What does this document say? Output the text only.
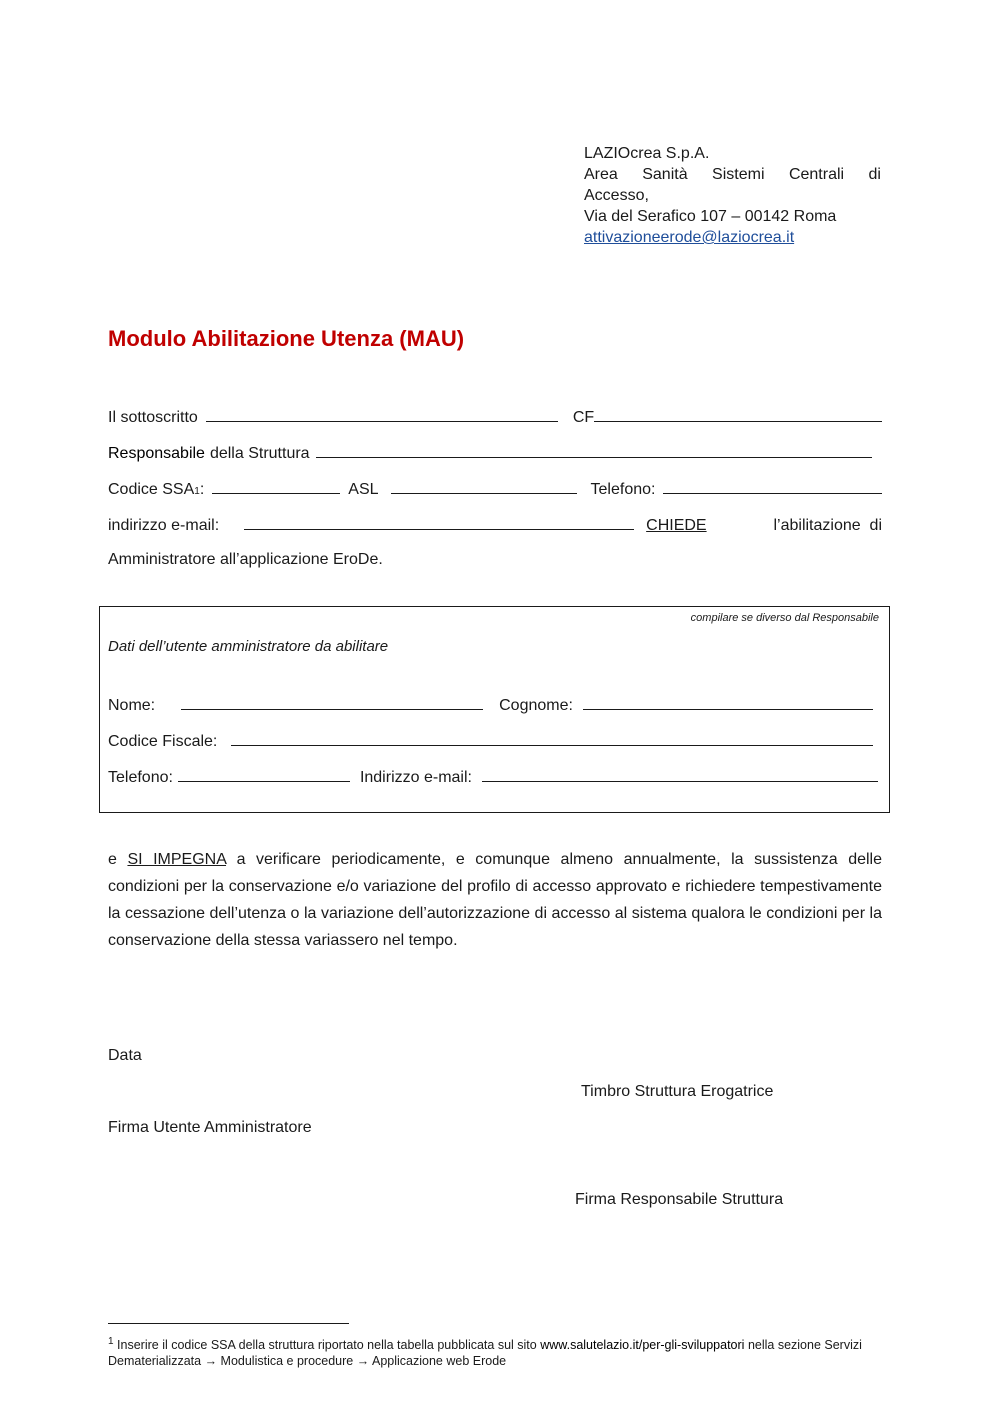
LAZIOcrea S.p.A.
Area Sanità Sistemi Centrali di
Accesso,
Via del Serafico 107 – 00142 Roma
attivazioneerode@laziocrea.it
Modulo Abilitazione Utenza (MAU)
Il sottoscritto	CF
Responsabile della Struttura
Codice SSA 1 :	ASL	Telefono:
indirizzo e-mail:	CHIEDE	l’abilitazione  di
Amministratore all’applicazione EroDe.
compilare se diverso dal Responsabile
Dati dell’utente amministratore da abilitare
Nome:	Cognome:
Codice Fiscale:
Telefono:	Indirizzo e-mail:
e SI IMPEGNA a verificare periodicamente, e comunque almeno annualmente, la sussistenza delle condizioni per la conservazione e/o variazione del profilo di accesso approvato e richiedere tempestivamente la cessazione dell’utenza o la variazione dell’autorizzazione di accesso al sistema qualora le condizioni per la conservazione della stessa variassero nel tempo.
Data
Timbro Struttura Erogatrice
Firma Utente Amministratore
Firma Responsabile Struttura
$^1$ Inserire il codice SSA della struttura riportato nella tabella pubblicata sul sito www.salutelazio.it/per-gli-sviluppatori nella sezione Servizi Dematerializzata → Modulistica e procedure → Applicazione web Erode
